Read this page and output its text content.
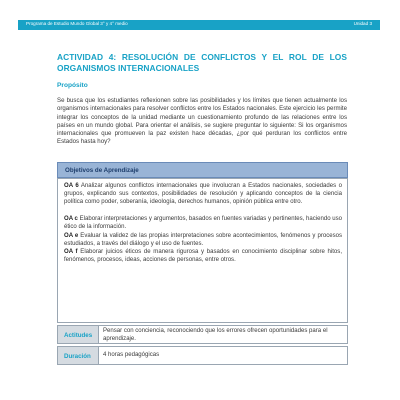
Programa de Estudio Mundo Global 3° y 4° medio	Unidad 3
ACTIVIDAD 4: RESOLUCIÓN DE CONFLICTOS Y EL ROL DE LOS ORGANISMOS INTERNACIONALES
Propósito
Se busca que los estudiantes reflexionen sobre las posibilidades y los límites que tienen actualmente los organismos internacionales para resolver conflictos entre los Estados nacionales. Este ejercicio les permite integrar los conceptos de la unidad mediante un cuestionamiento profundo de las relaciones entre los países en un mundo global. Para orientar el análisis, se sugiere preguntar lo siguiente: Si los organismos internacionales que promueven la paz existen hace décadas, ¿por qué perduran los conflictos entre Estados hasta hoy?
Objetivos de Aprendizaje

OA 6 Analizar algunos conflictos internacionales que involucran a Estados nacionales, sociedades o grupos, explicando sus contextos, posibilidades de resolución y aplicando conceptos de la ciencia política como poder, soberanía, ideología, derechos humanos, opinión pública entre otro.

OA c Elaborar interpretaciones y argumentos, basados en fuentes variadas y pertinentes, haciendo uso ético de la información.

OA e Evaluar la validez de las propias interpretaciones sobre acontecimientos, fenómenos y procesos estudiados, a través del diálogo y el uso de fuentes.

OA f Elaborar juicios éticos de manera rigurosa y basados en conocimiento disciplinar sobre hitos, fenómenos, procesos, ideas, acciones de personas, entre otros.

Actitudes
Pensar con conciencia, reconociendo que los errores ofrecen oportunidades para el aprendizaje.
Duración	4 horas pedagógicas
